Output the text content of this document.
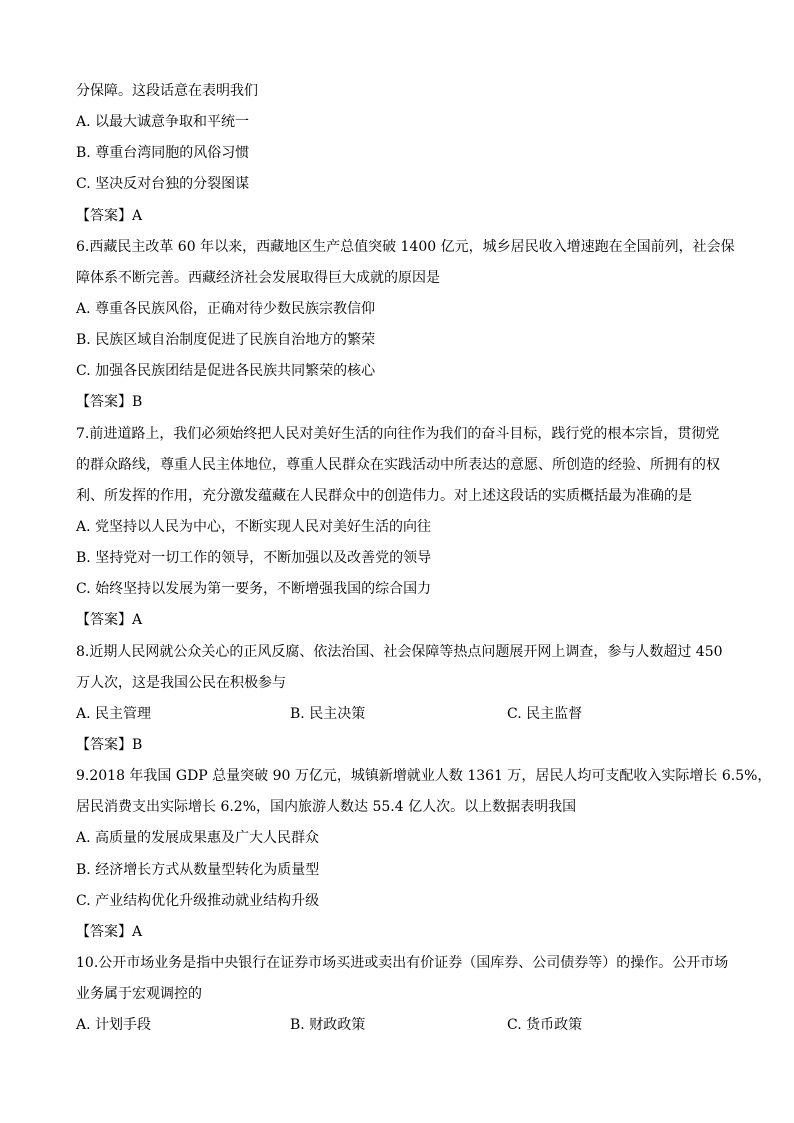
分保障。这段话意在表明我们
A. 以最大诚意争取和平统一
B. 尊重台湾同胞的风俗习惯
C. 坚决反对台独的分裂图谋
【答案】A
6.西藏民主改革 60 年以来，西藏地区生产总值突破 1400 亿元，城乡居民收入增速跑在全国前列，社会保
障体系不断完善。西藏经济社会发展取得巨大成就的原因是
A. 尊重各民族风俗，正确对待少数民族宗教信仰
B. 民族区域自治制度促进了民族自治地方的繁荣
C. 加强各民族团结是促进各民族共同繁荣的核心
【答案】B
7.前进道路上，我们必须始终把人民对美好生活的向往作为我们的奋斗目标，践行党的根本宗旨，贯彻党
的群众路线，尊重人民主体地位，尊重人民群众在实践活动中所表达的意愿、所创造的经验、所拥有的权
利、所发挥的作用，充分激发蕴藏在人民群众中的创造伟力。对上述这段话的实质概括最为准确的是
A. 党坚持以人民为中心，不断实现人民对美好生活的向往
B. 坚持党对一切工作的领导，不断加强以及改善党的领导
C. 始终坚持以发展为第一要务，不断增强我国的综合国力
【答案】A
8.近期人民网就公众关心的正风反腐、依法治国、社会保障等热点问题展开网上调查，参与人数超过 450
万人次，这是我国公民在积极参与
A. 民主管理	B. 民主决策	C. 民主监督
【答案】B
9.2018 年我国 GDP 总量突破 90 万亿元，城镇新增就业人数 1361 万，居民人均可支配收入实际增长 6.5%，
居民消费支出实际增长 6.2%，国内旅游人数达 55.4 亿人次。以上数据表明我国
A. 高质量的发展成果惠及广大人民群众
B. 经济增长方式从数量型转化为质量型
C. 产业结构优化升级推动就业结构升级
【答案】A
10.公开市场业务是指中央银行在证券市场买进或卖出有价证券（国库券、公司债券等）的操作。公开市场
业务属于宏观调控的
A. 计划手段	B. 财政政策	C. 货币政策
